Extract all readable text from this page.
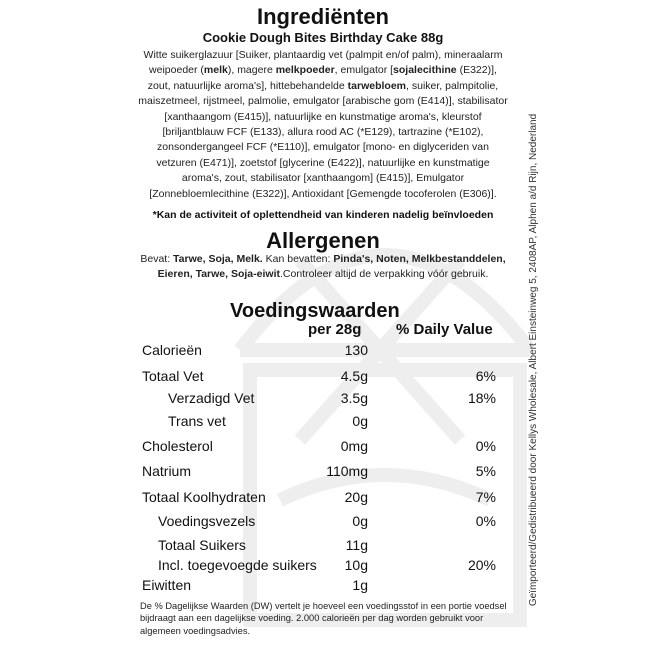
Ingrediënten
Cookie Dough Bites Birthday Cake 88g
Witte suikerglazuur [Suiker, plantaardig vet (palmpit en/of palm), mineraalarm weipoeder (melk), magere melkpoeder, emulgator [sojalecithine (E322)], zout, natuurlijke aroma's], hittebehandelde tarwebloem, suiker, palmpitolie, maiszetmeel, rijstmeel, palmolie, emulgator [arabische gom (E414)], stabilisator [xanthaangom (E415)], natuurlijke en kunstmatige aroma's, kleurstof [briljantblauw FCF (E133), allura rood AC (*E129), tartrazine (*E102), zonsondergangeel FCF (*E110)], emulgator [mono- en diglyceriden van vetzuren (E471)], zoetstof [glycerine (E422)], natuurlijke en kunstmatige aroma's, zout, stabilisator [xanthaangom] (E415)], Emulgator [Zonnebloemlecithine (E322)], Antioxidant [Gemengde tocoferolen (E306)].
*Kan de activiteit of oplettendheid van kinderen nadelig beïnvloeden
Allergenen
Bevat: Tarwe, Soja, Melk. Kan bevatten: Pinda's, Noten, Melkbestanddelen, Eieren, Tarwe, Soja-eiwit.Controleer altijd de verpakking vóór gebruik.
Voedingswaarden
per 28g % Daily Value
Calorieën	130
Totaal Vet	4.5g	6%
Verzadigd Vet	3.5g	18%
Trans vet	0g
Cholesterol	0mg	0%
Natrium	110mg	5%
Totaal Koolhydraten	20g	7%
Voedingsvezels	0g	0%
Totaal Suikers	11g
Incl. toegevoegde suikers	10g	20%
Eiwitten	1g
De % Dagelijkse Waarden (DW) vertelt je hoeveel een voedingsstof in een portie voedsel bijdraagt aan een dagelijkse voeding. 2.000 calorieën per dag worden gebruikt voor algemeen voedingsadvies.
Geïmporteerd/Gedistribueerd door Kellys Wholesale, Albert Einsteinweg 5, 2408AP, Alphen a/d Rijn, Nederland
